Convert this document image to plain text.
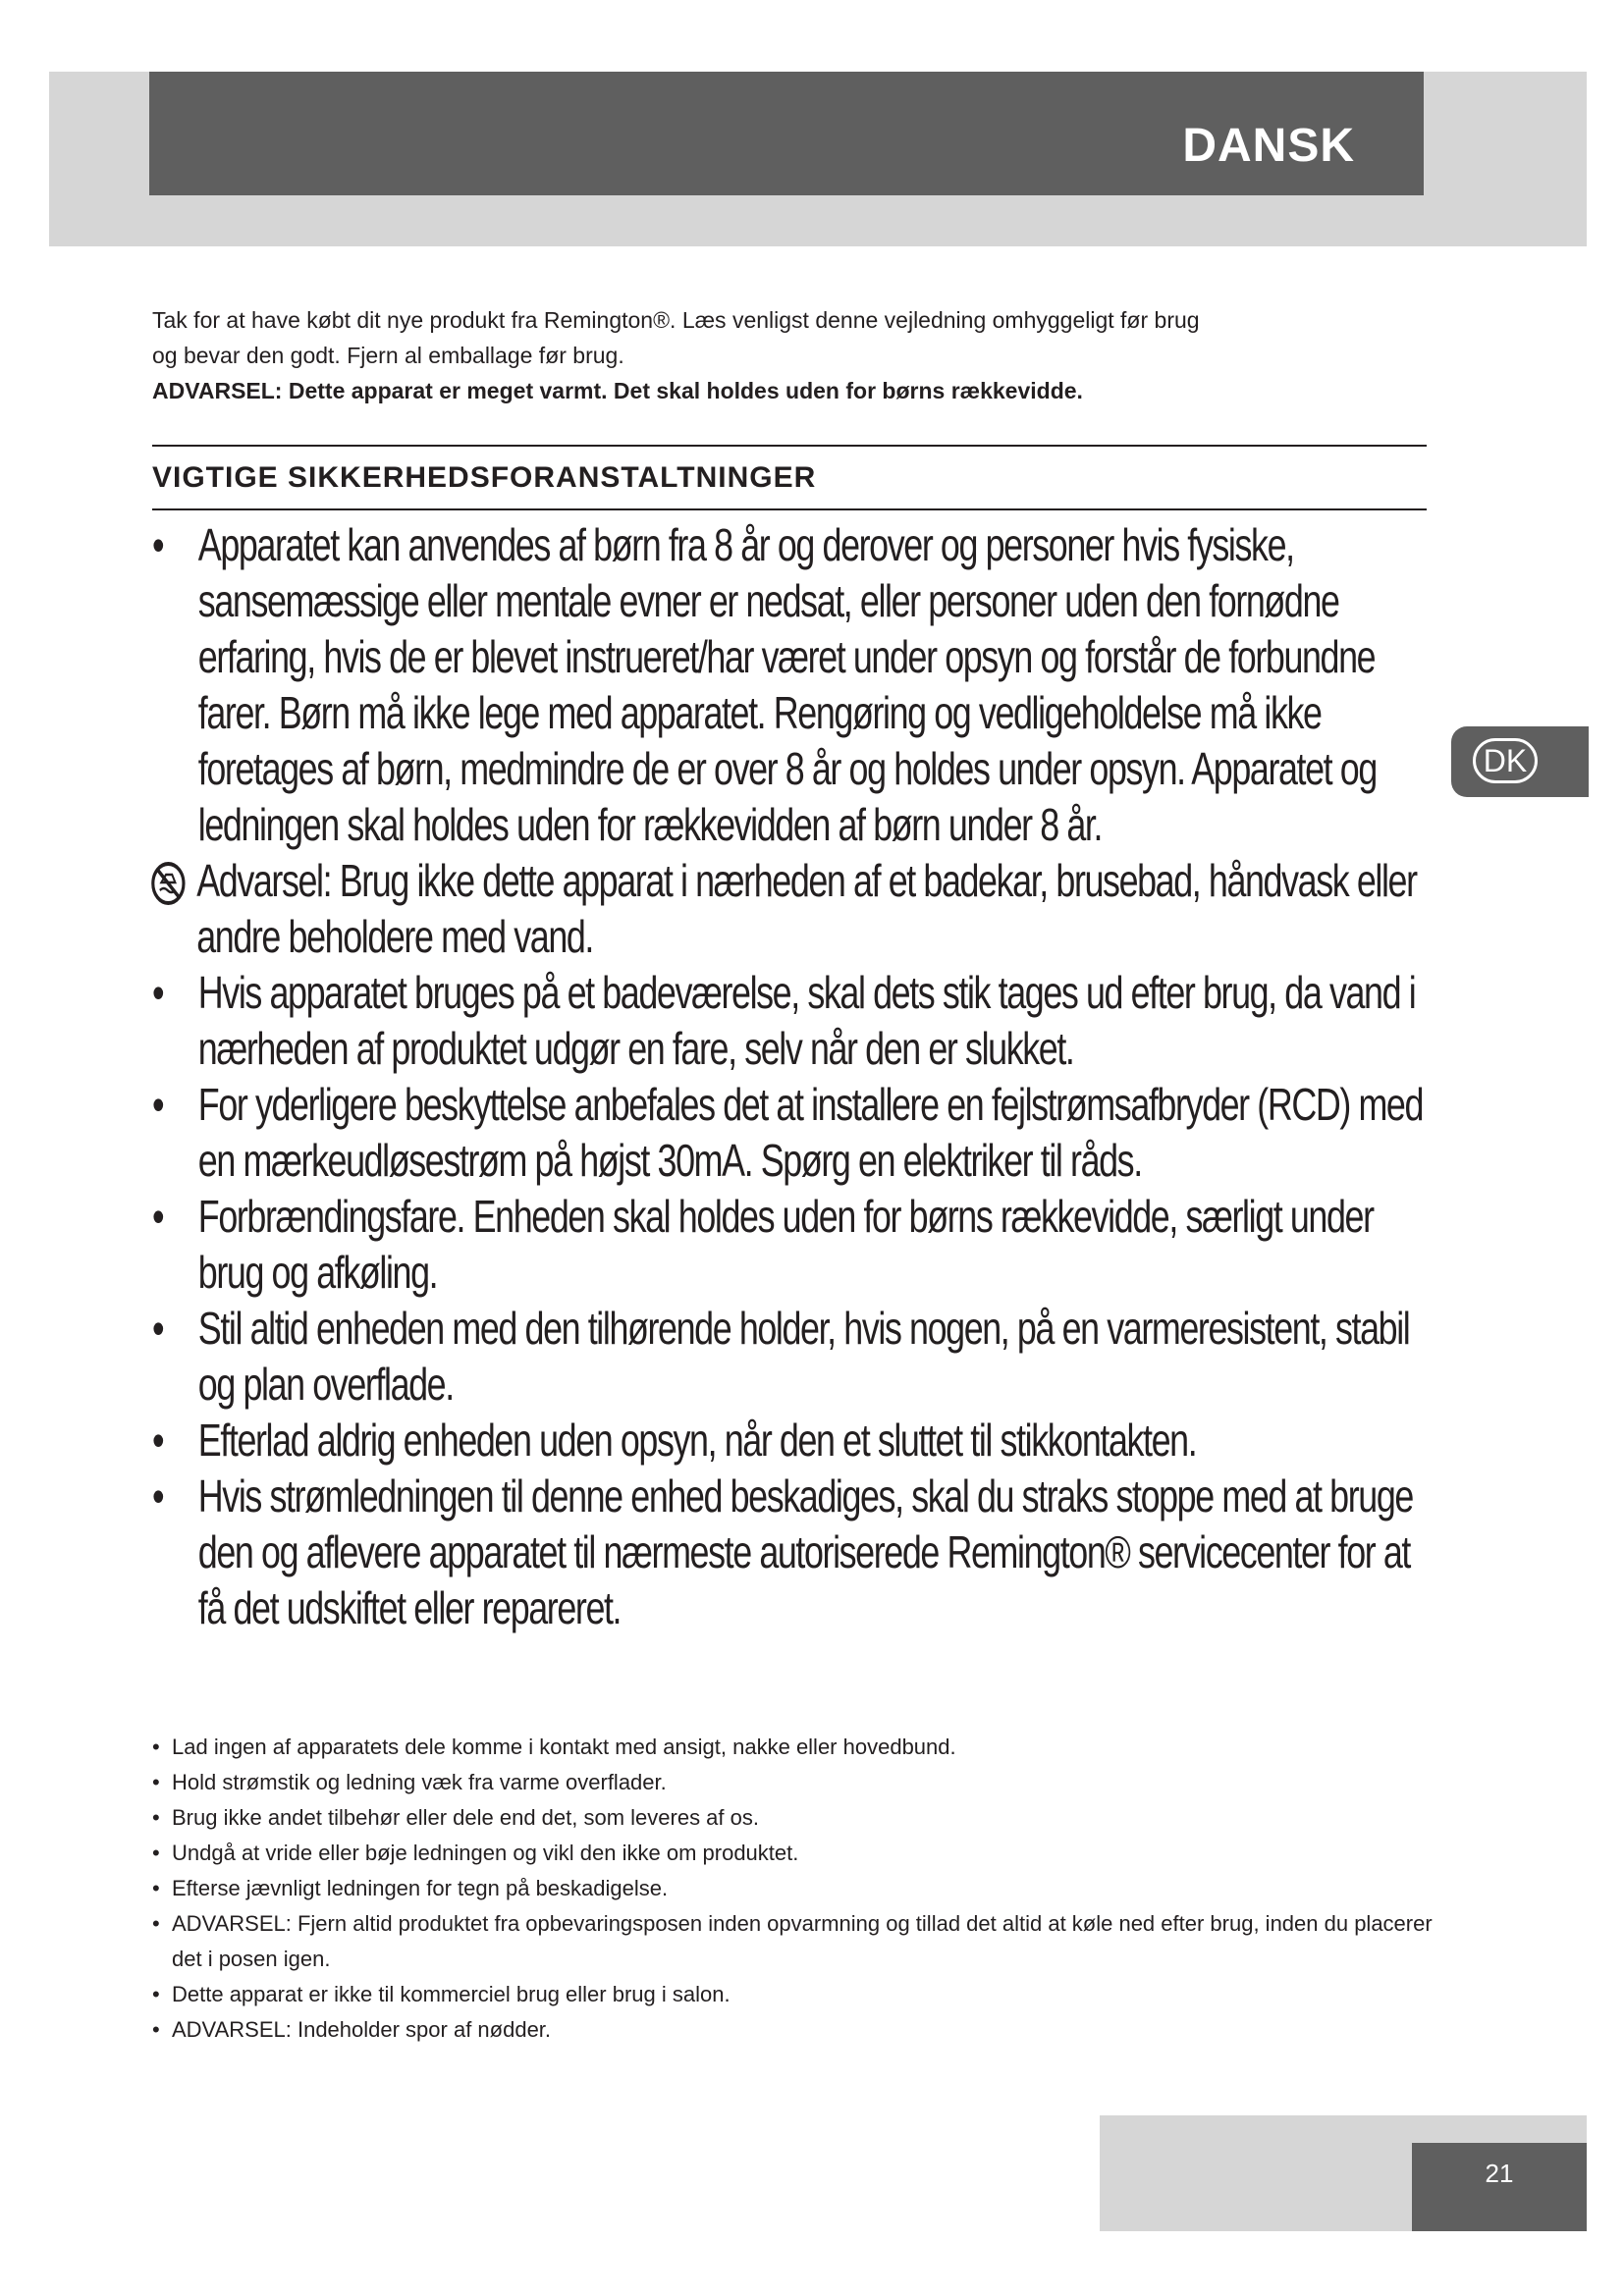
DANSK

Tak for at have købt dit nye produkt fra Remington®. Læs venligst denne vejledning omhyggeligt før brug

og bevar den godt. Fjern al emballage før brug.

ADVARSEL: Dette apparat er meget varmt. Det skal holdes uden for børns rækkevidde.

VIGTIGE SIKKERHEDSFORANSTALTNINGER
• Apparatet kan anvendes af børn fra 8 år og derover og personer hvis fysiske, sansemæssige eller mentale evner er nedsat, eller personer uden den fornødne erfaring, hvis de er blevet instrueret/har været under opsyn og forstår de forbundne farer. Børn må ikke lege med apparatet. Rengøring og vedligeholdelse må ikke foretages af børn, medmindre de er over 8 år og holdes under opsyn. Apparatet og ledningen skal holdes uden for rækkevidden af børn under 8 år.
Advarsel: Brug ikke dette apparat i nærheden af et badekar, brusebad, håndvask eller andre beholdere med vand.
• Hvis apparatet bruges på et badeværelse, skal dets stik tages ud efter brug, da vand i nærheden af produktet udgør en fare, selv når den er slukket.
• For yderligere beskyttelse anbefales det at installere en fejlstrømsafbryder (RCD) med en mærkeudløsestrøm på højst 30mA. Spørg en elektriker til råds.
• Forbrændingsfare. Enheden skal holdes uden for børns rækkevidde, særligt under brug og afkøling.
• Stil altid enheden med den tilhørende holder, hvis nogen, på en varmeresistent, stabil og plan overflade.
• Efterlad aldrig enheden uden opsyn, når den et sluttet til stikkontakten.
• Hvis strømledningen til denne enhed beskadiges, skal du straks stoppe med at bruge den og aflevere apparatet til nærmeste autoriserede Remington® servicecenter for at få det udskiftet eller repareret.
• Lad ingen af apparatets dele komme i kontakt med ansigt, nakke eller hovedbund.
• Hold strømstik og ledning væk fra varme overflader.
• Brug ikke andet tilbehør eller dele end det, som leveres af os.
• Undgå at vride eller bøje ledningen og vikl den ikke om produktet.
• Efterse jævnligt ledningen for tegn på beskadigelse.
• ADVARSEL: Fjern altid produktet fra opbevaringsposen inden opvarmning og tillad det altid at køle ned efter brug, inden du placerer det i posen igen.
• Dette apparat er ikke til kommerciel brug eller brug i salon.
• ADVARSEL: Indeholder spor af nødder.
DK
21
